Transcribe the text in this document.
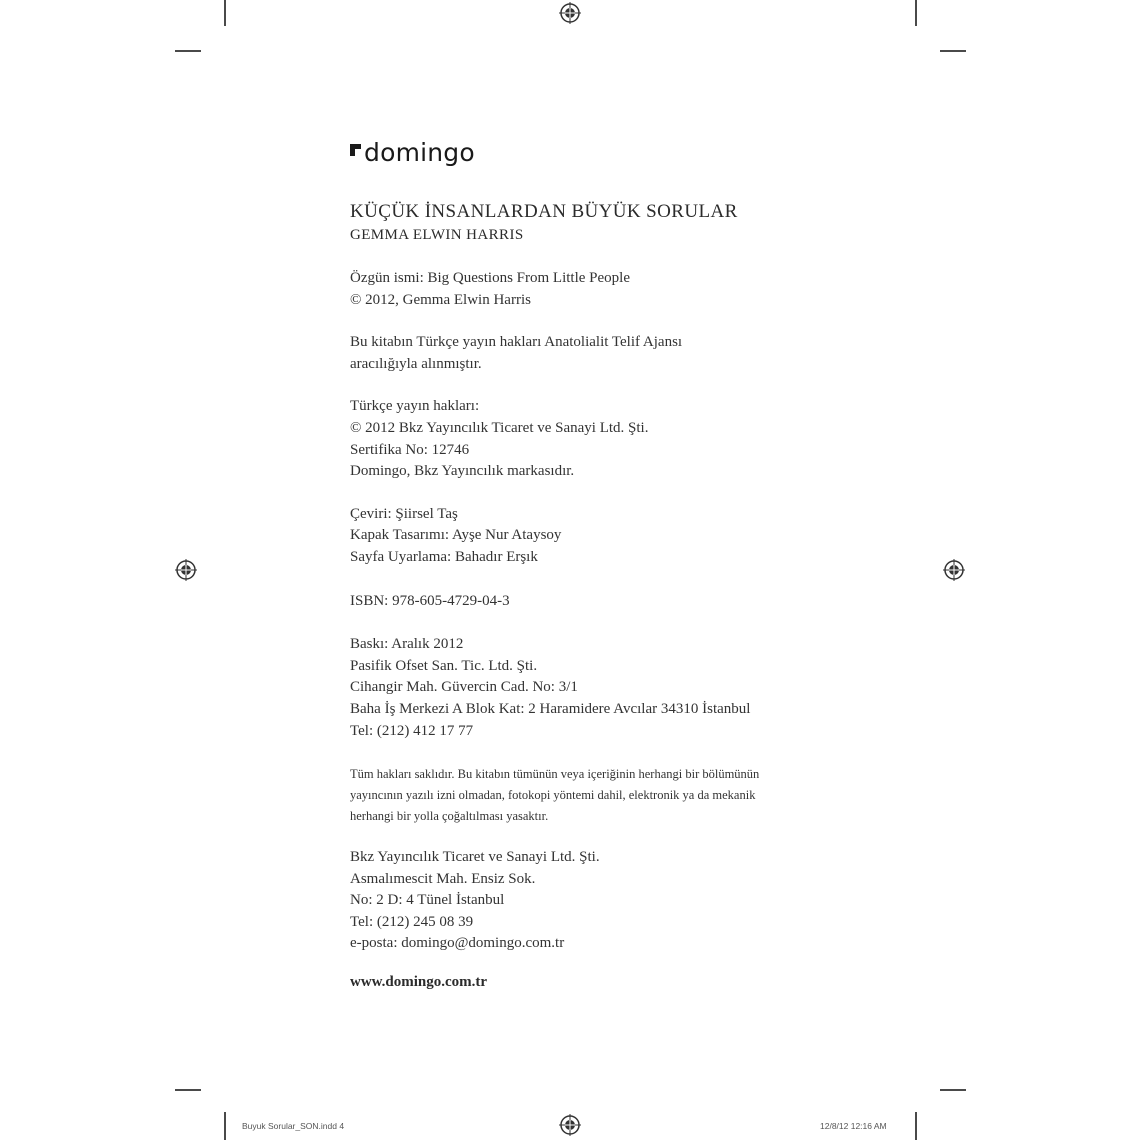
domingo
KÜÇÜK İNSANLARDAN BÜYÜK SORULAR
GEMMA ELWIN HARRIS
Özgün ismi: Big Questions From Little People
© 2012, Gemma Elwin Harris
Bu kitabın Türkçe yayın hakları Anatolialit Telif Ajansı
aracılığıyla alınmıştır.
Türkçe yayın hakları:
© 2012 Bkz Yayıncılık Ticaret ve Sanayi Ltd. Şti.
Sertifika No: 12746
Domingo, Bkz Yayıncılık markasıdır.
Çeviri: Şiirsel Taş
Kapak Tasarımı: Ayşe Nur Ataysoy
Sayfa Uyarlama: Bahadır Erşık
ISBN: 978-605-4729-04-3
Baskı: Aralık 2012
Pasifik Ofset San. Tic. Ltd. Şti.
Cihangir Mah. Güvercin Cad. No: 3/1
Baha İş Merkezi A Blok Kat: 2 Haramidere Avcılar 34310 İstanbul
Tel: (212) 412 17 77
Tüm hakları saklıdır. Bu kitabın tümünün veya içeriğinin herhangi bir bölümünün
yayıncının yazılı izni olmadan, fotokopi yöntemi dahil, elektronik ya da mekanik
herhangi bir yolla çoğaltılması yasaktır.
Bkz Yayıncılık Ticaret ve Sanayi Ltd. Şti.
Asmalımescit Mah. Ensiz Sok.
No: 2 D: 4 Tünel İstanbul
Tel: (212) 245 08 39
e-posta: domingo@domingo.com.tr
www.domingo.com.tr
Buyuk Sorular_SON.indd 4	12/8/12 12:16 AM
